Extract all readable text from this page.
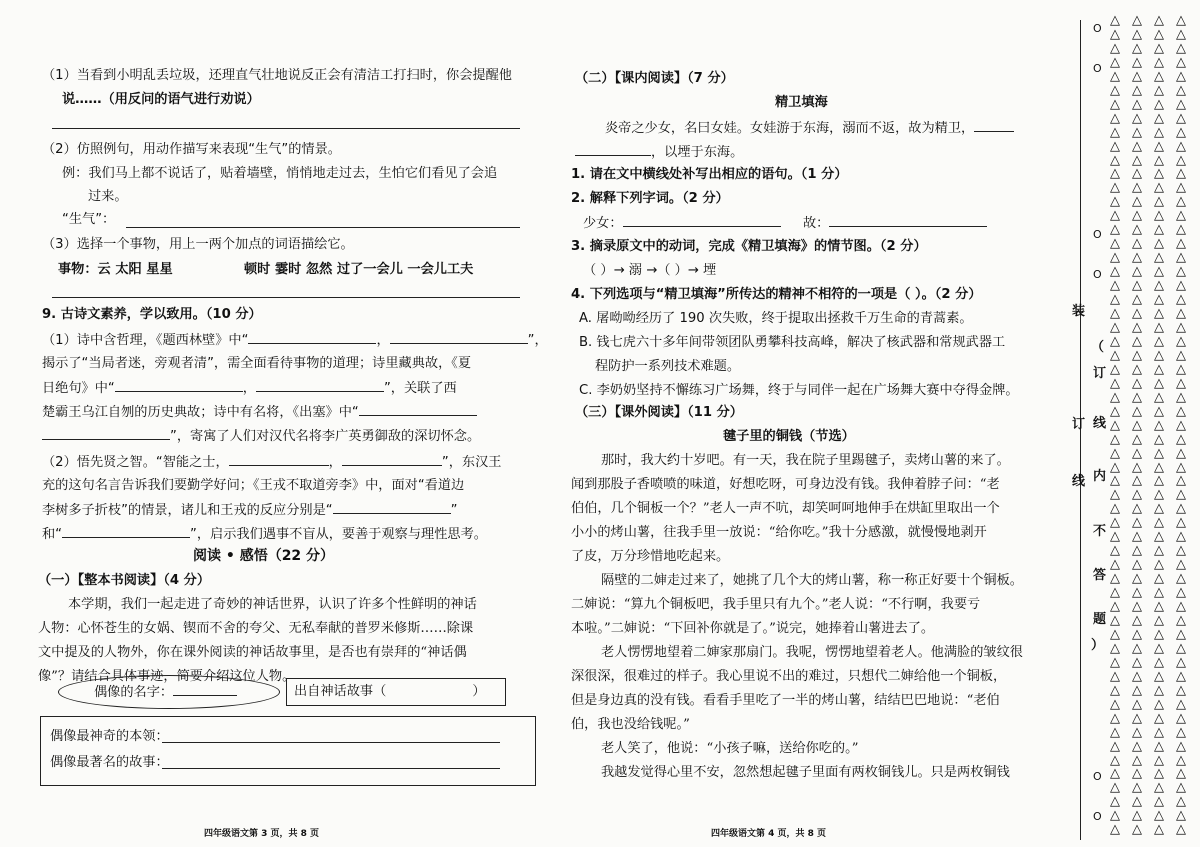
（1）当看到小明乱丢垃圾，还理直气壮地说反正会有清洁工打扫时，你会提醒他
说……（用反问的语气进行劝说）
（2）仿照例句，用动作描写来表现“生气”的情景。
例：我们马上都不说话了，贴着墙壁，悄悄地走过去，生怕它们看见了会追
过来。
“生气”：
（3）选择一个事物，用上一两个加点的词语描绘它。
事物：云 太阳 星星	顿时 霎时 忽然 过了一会儿 一会儿工夫
9. 古诗文素养，学以致用。（10 分）
（1）诗中含哲理，《题西林壁》中“	，	”，
揭示了“当局者迷，旁观者清”，需全面看待事物的道理；诗里藏典故，《夏
日绝句》中“	，	”，关联了西
楚霸王乌江自刎的历史典故；诗中有名将，《出塞》中“
”，寄寓了人们对汉代名将李广英勇御敌的深切怀念。
（2）悟先贤之智。“智能之士，	，	”，东汉王
充的这句名言告诉我们要勤学好问；《王戎不取道旁李》中，面对“看道边
李树多子折枝”的情景，诸儿和王戎的反应分别是“	”
和“	”，启示我们遇事不盲从，要善于观察与理性思考。
阅读 • 感悟（22 分）
（一）【整本书阅读】（4 分）
本学期，我们一起走进了奇妙的神话世界，认识了许多个性鲜明的神话
人物：心怀苍生的女娲、锲而不舍的夸父、无私奉献的普罗米修斯……除课
文中提及的人物外，你在课外阅读的神话故事里，是否也有崇拜的“神话偶
像”？请结合具体事迹，简要介绍这位人物。
偶像的名字：	出自神话故事（	）
偶像最神奇的本领：
偶像最著名的故事：
四年级语文第 3 页，共 8 页
（二）【课内阅读】（7 分）
精卫填海
炎帝之少女，名曰女娃。女娃游于东海，溺而不返，故为精卫，
，以堙于东海。
1. 请在文中横线处补写出相应的语句。（1 分）
2. 解释下列字词。（2 分）
少女：	故：
3. 摘录原文中的动词，完成《精卫填海》的情节图。（2 分）
（ ）→ 溺 →（ ）→ 堙
4. 下列选项与“精卫填海”所传达的精神不相符的一项是（ ）。（2 分）
A. 屠呦呦经历了 190 次失败，终于提取出拯救千万生命的青蒿素。
B. 钱七虎六十多年间带领团队勇攀科技高峰，解决了核武器和常规武器工
程防护一系列技术难题。
C. 李奶奶坚持不懈练习广场舞，终于与同伴一起在广场舞大赛中夺得金牌。
（三）【课外阅读】（11 分）
毽子里的铜钱（节选）
那时，我大约十岁吧。有一天，我在院子里踢毽子，卖烤山薯的来了。
闻到那股子香喷喷的味道，好想吃呀，可身边没有钱。我伸着脖子问：“老
伯伯，几个铜板一个？”老人一声不吭，却笑呵呵地伸手在烘缸里取出一个
小小的烤山薯，往我手里一放说：“给你吃。”我十分感激，就慢慢地剥开
了皮，万分珍惜地吃起来。
隔壁的二婶走过来了，她挑了几个大的烤山薯，称一称正好要十个铜板。
二婶说：“算九个铜板吧，我手里只有九个。”老人说：“不行啊，我要亏
本啦。”二婶说：“下回补你就是了。”说完，她捧着山薯进去了。
老人愣愣地望着二婶家那扇门。我呢，愣愣地望着老人。他满脸的皱纹很
深很深，很难过的样子。我心里说不出的难过，只想代二婶给他一个铜板，
但是身边真的没有钱。看看手里吃了一半的烤山薯，结结巴巴地说：“老伯
伯，我也没给钱呢。”
老人笑了，他说：“小孩子嘛，送给你吃的。”
我越发觉得心里不安，忽然想起毽子里面有两枚铜钱儿。只是两枚铜钱
四年级语文第 4 页，共 8 页
装
订
线
（
订
线
内
不
答
题
）
O
O
O
O
O
O
△
△
△
△
△
△
△
△
△
△
△
△
△
△
△
△
△
△
△
△
△
△
△
△
△
△
△
△
△
△
△
△
△
△
△
△
△
△
△
△
△
△
△
△
△
△
△
△
△
△
△
△
△
△
△
△
△
△
△
△
△
△
△
△
△
△
△
△
△
△
△
△
△
△
△
△
△
△
△
△
△
△
△
△
△
△
△
△
△
△
△
△
△
△
△
△
△
△
△
△
△
△
△
△
△
△
△
△
△
△
△
△
△
△
△
△
△
△
△
△
△
△
△
△
△
△
△
△
△
△
△
△
△
△
△
△
△
△
△
△
△
△
△
△
△
△
△
△
△
△
△
△
△
△
△
△
△
△
△
△
△
△
△
△
△
△
△
△
△
△
△
△
△
△
△
△
△
△
△
△
△
△
△
△
△
△
△
△
△
△
△
△
△
△
△
△
△
△
△
△
△
△
△
△
△
△
△
△
△
△
△
△
△
△
△
△
△
△
△
△
△
△
△
△
△
△
△
△
△
△
△
△
△
△
△
△
